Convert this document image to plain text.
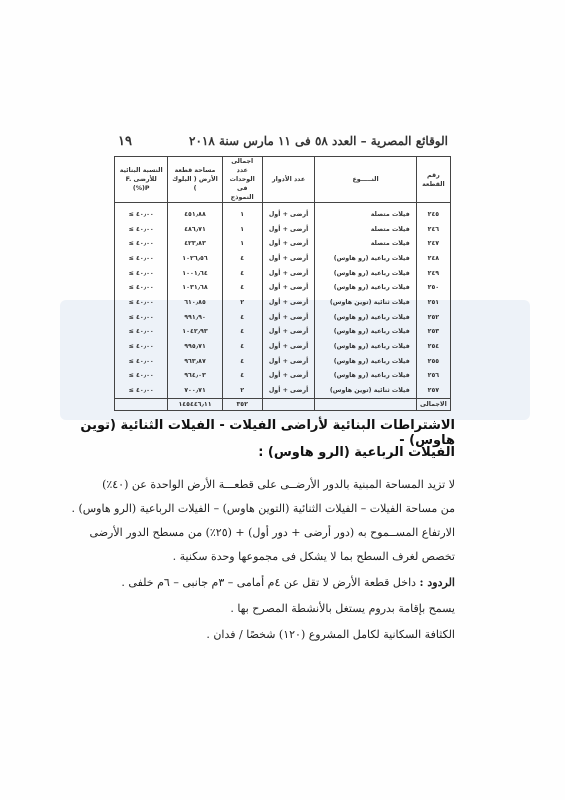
الوقائع المصرية – العدد ٥٨ فى ١١ مارس سنة ٢٠١٨
١٩
رقم القطعة	النـــــوع	عدد الأدوار	اجمالى عدد الوحدات فى النموذج	مساحة قطعة الأرض ( البلوك )	النسبة البنائية للأرضى F. P(%)
٢٤٥	فيلات متصلة	أرضى + أول	١	٤٥١٫٨٨	٤٠٫٠٠ ≥
٢٤٦	فيلات متصلة	أرضى + أول	١	٤٨٦٫٧١	٤٠٫٠٠ ≥
٢٤٧	فيلات متصلة	أرضى + أول	١	٤٢٣٫٨٣	٤٠٫٠٠ ≥
٢٤٨	فيلات رباعية (رو هاوس)	أرضى + أول	٤	١٠٢٦٫٥٦	٤٠٫٠٠ ≥
٢٤٩	فيلات رباعية (رو هاوس)	أرضى + أول	٤	١٠٠١٫٦٤	٤٠٫٠٠ ≥
٢٥٠	فيلات رباعية (رو هاوس)	أرضى + أول	٤	١٠٣١٫٦٨	٤٠٫٠٠ ≥
٢٥١	فيلات ثنائية (توين هاوس)	أرضى + أول	٢	٦١٠٫٨٥	٤٠٫٠٠ ≥
٢٥٢	فيلات رباعية (رو هاوس)	أرضى + أول	٤	٩٩١٫٩٠	٤٠٫٠٠ ≥
٢٥٣	فيلات رباعية (رو هاوس)	أرضى + أول	٤	١٠٤٢٫٩٣	٤٠٫٠٠ ≥
٢٥٤	فيلات رباعية (رو هاوس)	أرضى + أول	٤	٩٩٥٫٧١	٤٠٫٠٠ ≥
٢٥٥	فيلات رباعية (رو هاوس)	أرضى + أول	٤	٩٦٣٫٨٧	٤٠٫٠٠ ≥
٢٥٦	فيلات رباعية (رو هاوس)	أرضى + أول	٤	٩٦٤٫٠٣	٤٠٫٠٠ ≥
٢٥٧	فيلات ثنائية (توين هاوس)	أرضى + أول	٢	٧٠٠٫٧١	٤٠٫٠٠ ≥
الاجمالى			٣٥٢	١٤٥٤٤٦٫١١	
الاشتراطات البنائية لأراضى الفيلات - الفيلات الثنائية (توين هاوس) -
الفيلات الرباعية (الرو هاوس) :
لا تزيد المساحة المبنية بالدور الأرضــى على قطعـــة الأرض الواحدة عن (٤٠٪)
من مساحة الفيلات – الفيلات الثنائية (التوين هاوس) – الفيلات الرباعية (الرو هاوس) .
الارتفاع المســموح به (دور أرضى + دور أول) + (٢٥٪) من مسطح الدور الأرضى
تخصص لغرف السطح بما لا يشكل فى مجموعها وحدة سكنية .
الردود : داخل قطعة الأرض لا تقل عن ٤م أمامى – ٣م جانبى – ٦م خلفى .
يسمح بإقامة بدروم يستغل بالأنشطة المصرح بها .
الكثافة السكانية لكامل المشروع (١٢٠) شخصًا / فدان .
